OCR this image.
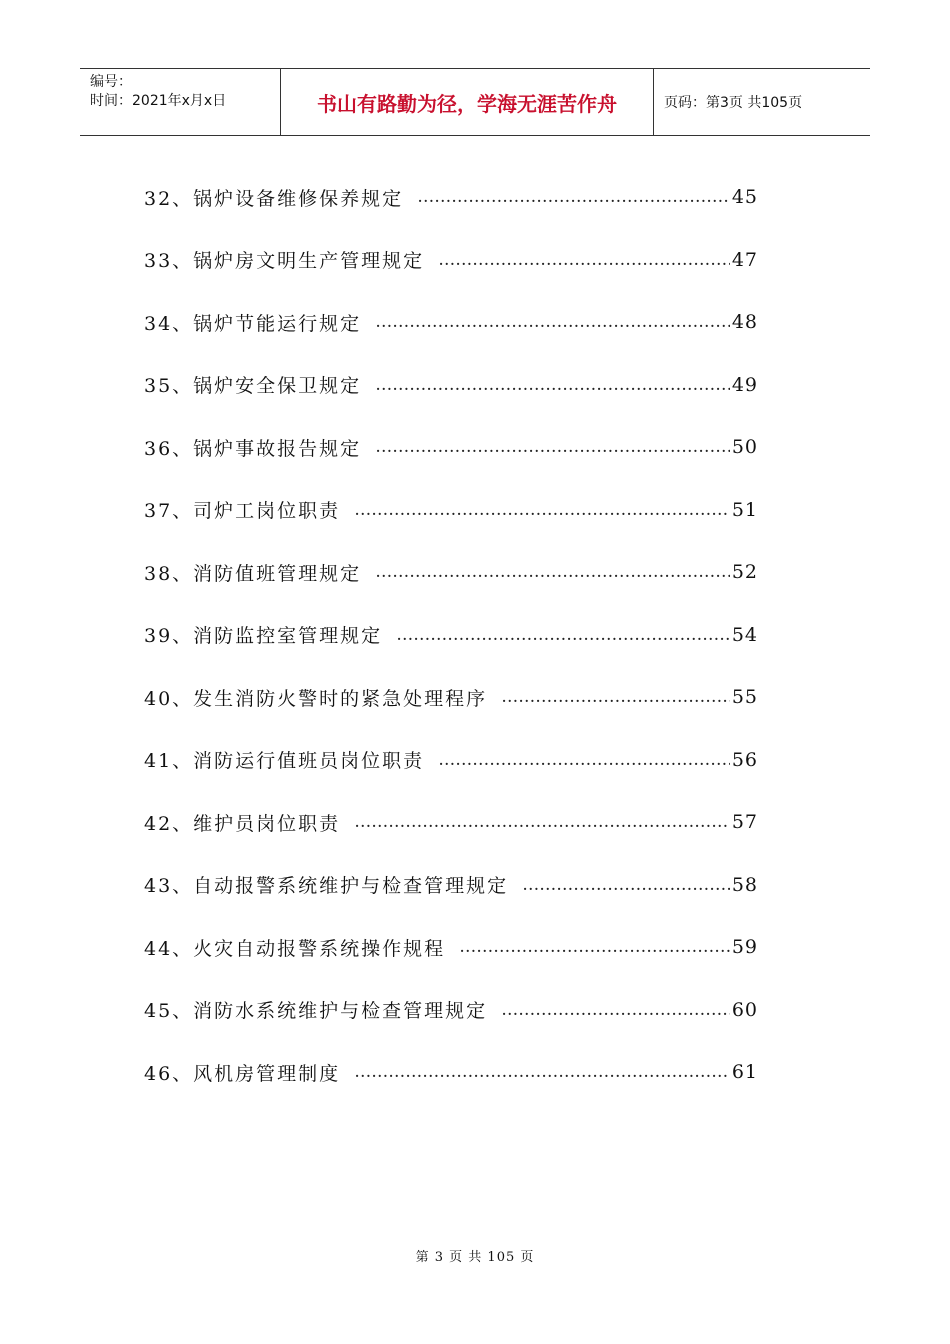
编号：
时间：2021年x月x日	书山有路勤为径，学海无涯苦作舟	页码：第3页 共105页
32、锅炉设备维修保养规定 ……………………………………………………………………………………………………………………………………	45
33、锅炉房文明生产管理规定 ……………………………………………………………………………………………………………………………………	47
34、锅炉节能运行规定 ……………………………………………………………………………………………………………………………………	48
35、锅炉安全保卫规定 ……………………………………………………………………………………………………………………………………	49
36、锅炉事故报告规定 ……………………………………………………………………………………………………………………………………	50
37、司炉工岗位职责 ……………………………………………………………………………………………………………………………………	51
38、消防值班管理规定 ……………………………………………………………………………………………………………………………………	52
39、消防监控室管理规定 ……………………………………………………………………………………………………………………………………	54
40、发生消防火警时的紧急处理程序 ……………………………………………………………………………………………………………………………………	55
41、消防运行值班员岗位职责 ……………………………………………………………………………………………………………………………………	56
42、维护员岗位职责 ……………………………………………………………………………………………………………………………………	57
43、自动报警系统维护与检查管理规定 ……………………………………………………………………………………………………………………………………	58
44、火灾自动报警系统操作规程 ……………………………………………………………………………………………………………………………………	59
45、消防水系统维护与检查管理规定 ……………………………………………………………………………………………………………………………………	60
46、风机房管理制度 ……………………………………………………………………………………………………………………………………	61
第 3 页 共 105 页
